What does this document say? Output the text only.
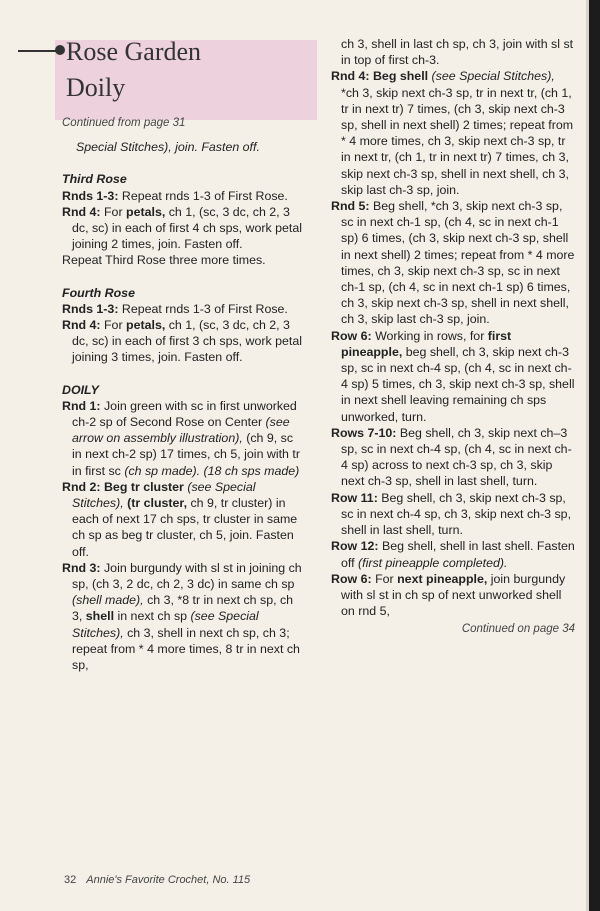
Rose Garden
Doily

Continued from page 31

Special Stitches), join. Fasten off.

Third Rose

Rnds 1-3: Repeat rnds 1-3 of First Rose.

Rnd 4: For petals, ch 1, (sc, 3 dc, ch 2, 3 dc, sc) in each of first 4 ch sps, work petal joining 2 times, join. Fasten off.

Repeat Third Rose three more times.

Fourth Rose

Rnds 1-3: Repeat rnds 1-3 of First Rose.

Rnd 4: For petals, ch 1, (sc, 3 dc, ch 2, 3 dc, sc) in each of first 3 ch sps, work petal joining 3 times, join. Fasten off.

DOILY

Rnd 1: Join green with sc in first unworked ch-2 sp of Second Rose on Center (see arrow on assembly illustration), (ch 9, sc in next ch-2 sp) 17 times, ch 5, join with tr in first sc (ch sp made). (18 ch sps made)

Rnd 2: Beg tr cluster (see Special Stitches), (tr cluster, ch 9, tr cluster) in each of next 17 ch sps, tr cluster in same ch sp as beg tr cluster, ch 5, join. Fasten off.

Rnd 3: Join burgundy with sl st in joining ch sp, (ch 3, 2 dc, ch 2, 3 dc) in same ch sp (shell made), ch 3, *8 tr in next ch sp, ch 3, shell in next ch sp (see Special Stitches), ch 3, shell in next ch sp, ch 3; repeat from * 4 more times, 8 tr in next ch sp,

ch 3, shell in last ch sp, ch 3, join with sl st in top of first ch-3.

Rnd 4: Beg shell (see Special Stitches), *ch 3, skip next ch-3 sp, tr in next tr, (ch 1, tr in next tr) 7 times, (ch 3, skip next ch-3 sp, shell in next shell) 2 times; repeat from * 4 more times, ch 3, skip next ch-3 sp, tr in next tr, (ch 1, tr in next tr) 7 times, ch 3, skip next ch-3 sp, shell in next shell, ch 3, skip last ch-3 sp, join.

Rnd 5: Beg shell, *ch 3, skip next ch-3 sp, sc in next ch-1 sp, (ch 4, sc in next ch-1 sp) 6 times, (ch 3, skip next ch-3 sp, shell in next shell) 2 times; repeat from * 4 more times, ch 3, skip next ch-3 sp, sc in next ch-1 sp, (ch 4, sc in next ch-1 sp) 6 times, ch 3, skip next ch-3 sp, shell in next shell, ch 3, skip last ch-3 sp, join.

Row 6: Working in rows, for first pineapple, beg shell, ch 3, skip next ch-3 sp, sc in next ch-4 sp, (ch 4, sc in next ch-4 sp) 5 times, ch 3, skip next ch-3 sp, shell in next shell leaving remaining ch sps unworked, turn.

Rows 7-10: Beg shell, ch 3, skip next ch–3 sp, sc in next ch-4 sp, (ch 4, sc in next ch-4 sp) across to next ch-3 sp, ch 3, skip next ch-3 sp, shell in last shell, turn.

Row 11: Beg shell, ch 3, skip next ch-3 sp, sc in next ch-4 sp, ch 3, skip next ch-3 sp, shell in last shell, turn.

Row 12: Beg shell, shell in last shell. Fasten off (first pineapple completed).

Row 6: For next pineapple, join burgundy with sl st in ch sp of next unworked shell on rnd 5,

Continued on page 34

32 Annie's Favorite Crochet, No. 115
